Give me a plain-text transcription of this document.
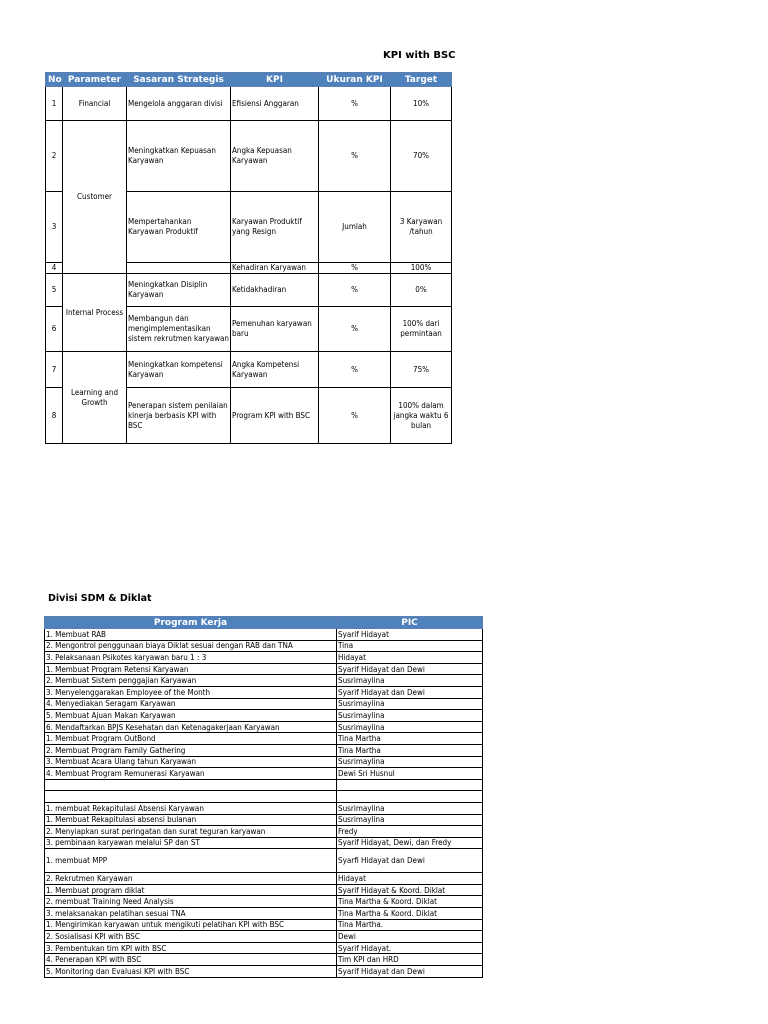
KPI with BSC
No	Parameter	Sasaran Strategis	KPI	Ukuran KPI	Target
1	Financial	Mengelola anggaran divisi	Efisiensi Anggaran	%	10%
2	Customer	Meningkatkan Kepuasan Karyawan	Angka Kepuasan Karyawan	%	70%
3		Mempertahankan Karyawan Produktif	Karyawan Produktif yang Resign	Jumlah	3 Karyawan /tahun
4			Kehadiran Karyawan	%	100%
5	Internal Process	Meningkatkan Disiplin Karyawan	Ketidakhadiran	%	0%
6		Membangun dan mengimplementasikan sistem rekrutmen karyawan	Pemenuhan karyawan baru	%	100% dari permintaan
7	Learning and Growth	Meningkatkan kompetensi Karyawan	Angka Kompetensi Karyawan	%	75%
8		Penerapan sistem penilaian kinerja berbasis KPI with BSC	Program KPI with BSC	%	100% dalam jangka waktu 6 bulan
Divisi SDM & Diklat
Program Kerja	PIC
1. Membuat RAB	Syarif Hidayat
2. Mengontrol penggunaan biaya Diklat sesuai dengan RAB dan TNA	Tina
3. Pelaksanaan Psikotes karyawan baru 1 : 3	Hidayat
1. Membuat Program Retensi Karyawan	Syarif Hidayat dan Dewi
2. Membuat Sistem penggajian Karyawan	Susrimaylina
3. Menyelenggarakan Employee of the Month	Syarif Hidayat dan Dewi
4. Menyediakan Seragam Karyawan	Susrimaylina
5. Membuat Ajuan Makan Karyawan	Susrimaylina
6. Mendaftarkan BPJS Kesehatan dan Ketenagakerjaan Karyawan	Susrimaylina
1. Membuat Program OutBond	Tina Martha
2. Membuat Program Family Gathering	Tina Martha
3. Membuat Acara Ulang tahun Karyawan	Susrimaylina
4. Membuat Program Remunerasi Karyawan	Dewi Sri Husnul

1. membuat Rekapitulasi Absensi Karyawan	Susrimaylina
1. Membuat Rekapitulasi absensi bulanan	Susrimaylina
2. Menyiapkan surat peringatan dan surat teguran karyawan	Fredy
3. pembinaan karyawan melalui SP dan ST	Syarif Hidayat, Dewi, dan Fredy
1. membuat MPP	Syarfi Hidayat dan Dewi
2. Rekrutmen Karyawan	Hidayat
1. Membuat program diklat	Syarif Hidayat & Koord. Diklat
2. membuat Training Need Analysis	Tina Martha & Koord. Diklat
3. melaksanakan pelatihan sesuai TNA	Tina Martha & Koord. Diklat
1. Mengirimkan karyawan untuk mengikuti pelatihan KPI with BSC	Tina Martha.
2. Sosialisasi KPI with BSC	Dewi
3. Pembentukan tim KPI with BSC	Syarif Hidayat.
4. Penerapan KPI with BSC	Tim KPI dan HRD
5. Monitoring dan Evaluasi KPI with BSC	Syarif Hidayat dan Dewi
